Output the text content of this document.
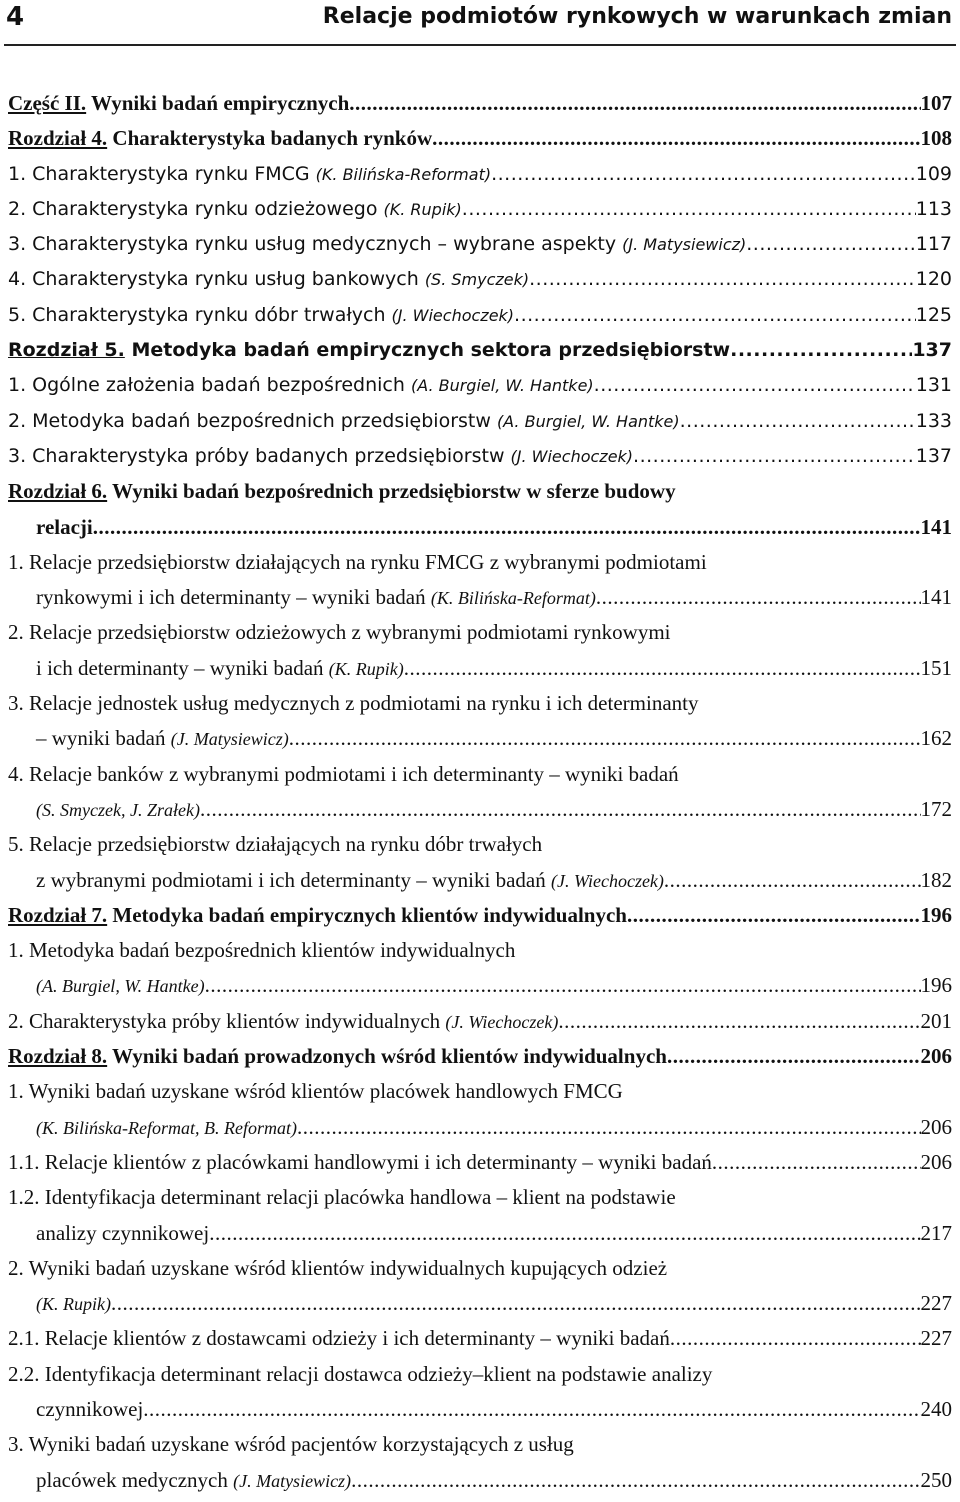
4	Relacje podmiotów rynkowych w warunkach zmian
Część II. Wyniki badań empirycznych .....	107
Rozdział 4. Charakterystyka badanych rynków .....	108
1. Charakterystyka rynku FMCG (K. Bilińska-Reformat) .....	109
2. Charakterystyka rynku odzieżowego (K. Rupik) .....	113
3. Charakterystyka rynku usług medycznych – wybrane aspekty (J. Matysiewicz) .....	117
4. Charakterystyka rynku usług bankowych (S. Smyczek) .....	120
5. Charakterystyka rynku dóbr trwałych (J. Wiechoczek) .....	125
Rozdział 5. Metodyka badań empirycznych sektora przedsiębiorstw .....	137
1. Ogólne założenia badań bezpośrednich (A. Burgiel, W. Hantke) .....	131
2. Metodyka badań bezpośrednich przedsiębiorstw (A. Burgiel, W. Hantke) .....	133
3. Charakterystyka próby badanych przedsiębiorstw (J. Wiechoczek) .....	137
Rozdział 6. Wyniki badań bezpośrednich przedsiębiorstw w sferze budowy
relacji .....	141
1. Relacje przedsiębiorstw działających na rynku FMCG z wybranymi podmiotami
rynkowymi i ich determinanty – wyniki badań (K. Bilińska-Reformat) .....	141
2. Relacje przedsiębiorstw odzieżowych z wybranymi podmiotami rynkowymi
i ich determinanty – wyniki badań (K. Rupik) .....	151
3. Relacje jednostek usług medycznych z podmiotami na rynku i ich determinanty
– wyniki badań (J. Matysiewicz) .....	162
4. Relacje banków z wybranymi podmiotami i ich determinanty – wyniki badań
(S. Smyczek, J. Zrałek) .....	172
5. Relacje przedsiębiorstw działających na rynku dóbr trwałych
z wybranymi podmiotami i ich determinanty – wyniki badań (J. Wiechoczek) .....	182
Rozdział 7. Metodyka badań empirycznych klientów indywidualnych .....	196
1. Metodyka badań bezpośrednich klientów indywidualnych
(A. Burgiel, W. Hantke) .....	196
2. Charakterystyka próby klientów indywidualnych (J. Wiechoczek) .....	201
Rozdział 8. Wyniki badań prowadzonych wśród klientów indywidualnych .....	206
1. Wyniki badań uzyskane wśród klientów placówek handlowych FMCG
(K. Bilińska-Reformat, B. Reformat) .....	206
1.1. Relacje klientów z placówkami handlowymi i ich determinanty – wyniki badań .....	206
1.2. Identyfikacja determinant relacji placówka handlowa – klient na podstawie
analizy czynnikowej .....	217
2. Wyniki badań uzyskane wśród klientów indywidualnych kupujących odzież
(K. Rupik) .....	227
2.1. Relacje klientów z dostawcami odzieży i ich determinanty – wyniki badań .....	227
2.2. Identyfikacja determinant relacji dostawca odzieży–klient na podstawie analizy
czynnikowej .....	240
3. Wyniki badań uzyskane wśród pacjentów korzystających z usług
placówek medycznych (J. Matysiewicz) .....	250
